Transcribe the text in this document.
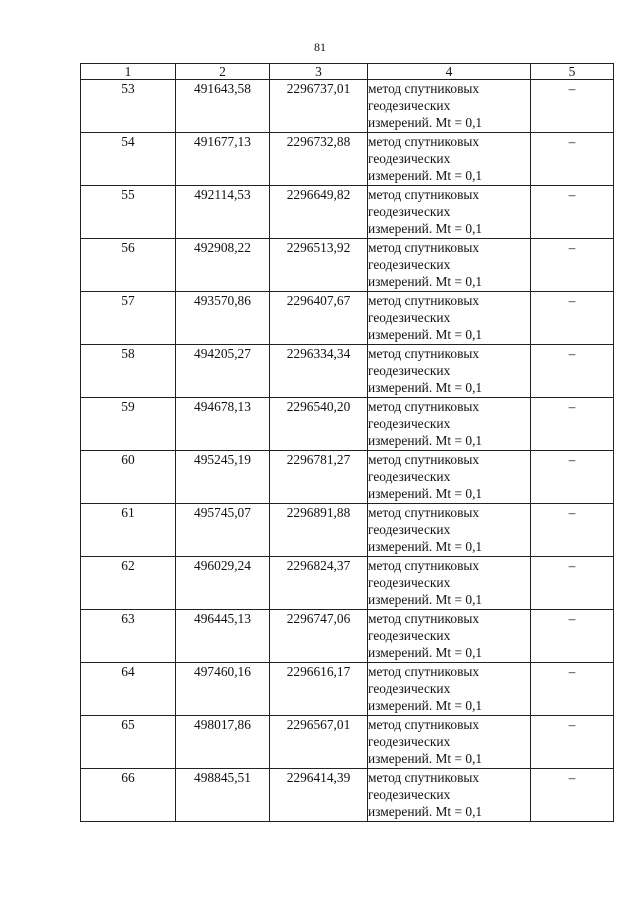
81
1	2	3	4	5
53	491643,58	2296737,01	метод спутниковых
геодезических
измерений. Mt = 0,1	–
54	491677,13	2296732,88	метод спутниковых
геодезических
измерений. Mt = 0,1	–
55	492114,53	2296649,82	метод спутниковых
геодезических
измерений. Mt = 0,1	–
56	492908,22	2296513,92	метод спутниковых
геодезических
измерений. Mt = 0,1	–
57	493570,86	2296407,67	метод спутниковых
геодезических
измерений. Mt = 0,1	–
58	494205,27	2296334,34	метод спутниковых
геодезических
измерений. Mt = 0,1	–
59	494678,13	2296540,20	метод спутниковых
геодезических
измерений. Mt = 0,1	–
60	495245,19	2296781,27	метод спутниковых
геодезических
измерений. Mt = 0,1	–
61	495745,07	2296891,88	метод спутниковых
геодезических
измерений. Mt = 0,1	–
62	496029,24	2296824,37	метод спутниковых
геодезических
измерений. Mt = 0,1	–
63	496445,13	2296747,06	метод спутниковых
геодезических
измерений. Mt = 0,1	–
64	497460,16	2296616,17	метод спутниковых
геодезических
измерений. Mt = 0,1	–
65	498017,86	2296567,01	метод спутниковых
геодезических
измерений. Mt = 0,1	–
66	498845,51	2296414,39	метод спутниковых
геодезических
измерений. Mt = 0,1	–
